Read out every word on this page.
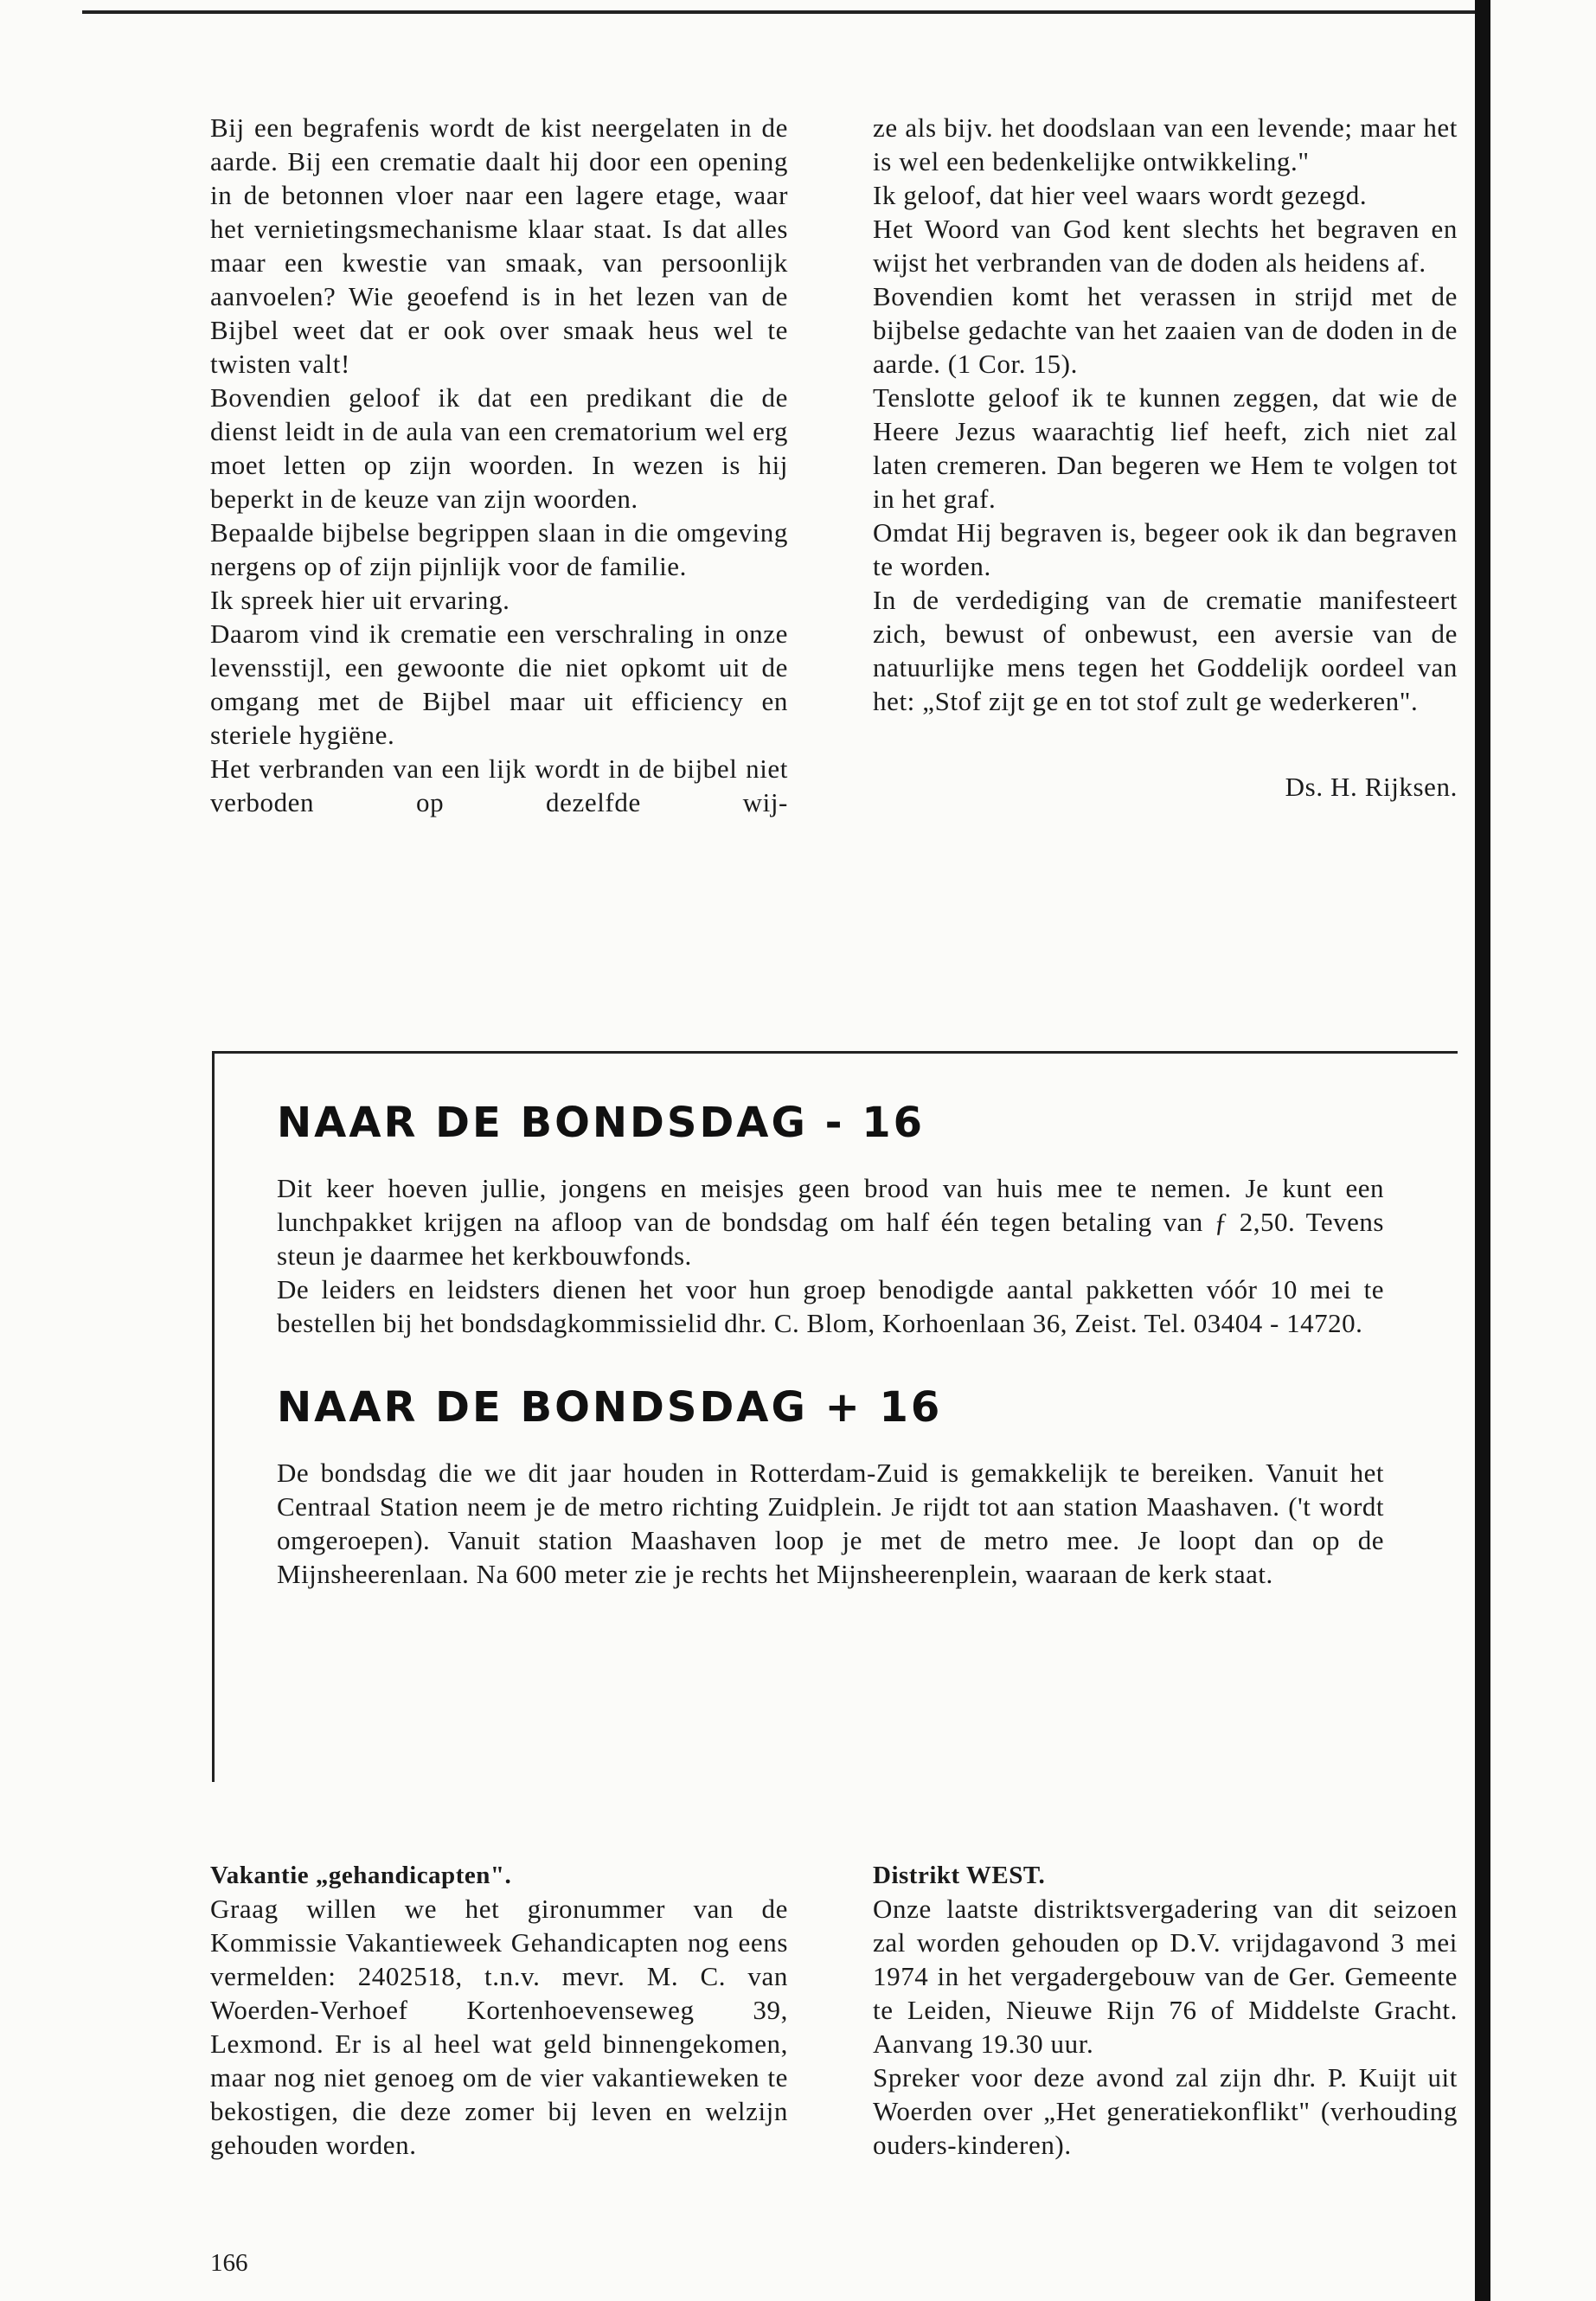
Bij een begrafenis wordt de kist neergelaten in de aarde. Bij een crematie daalt hij door een opening in de betonnen vloer naar een lagere etage, waar het vernietingsmechanisme klaar staat. Is dat alles maar een kwestie van smaak, van persoonlijk aanvoelen? Wie geoefend is in het lezen van de Bijbel weet dat er ook over smaak heus wel te twisten valt!

Bovendien geloof ik dat een predikant die de dienst leidt in de aula van een crematorium wel erg moet letten op zijn woorden. In wezen is hij beperkt in de keuze van zijn woorden.

Bepaalde bijbelse begrippen slaan in die omgeving nergens op of zijn pijnlijk voor de familie.

Ik spreek hier uit ervaring.

Daarom vind ik crematie een verschraling in onze levensstijl, een gewoonte die niet opkomt uit de omgang met de Bijbel maar uit efficiency en steriele hygiëne.

Het verbranden van een lijk wordt in de bijbel niet verboden op dezelfde wij-

ze als bijv. het doodslaan van een levende; maar het is wel een bedenkelijke ontwikkeling."

Ik geloof, dat hier veel waars wordt gezegd.

Het Woord van God kent slechts het begraven en wijst het verbranden van de doden als heidens af.

Bovendien komt het verassen in strijd met de bijbelse gedachte van het zaaien van de doden in de aarde. (1 Cor. 15).

Tenslotte geloof ik te kunnen zeggen, dat wie de Heere Jezus waarachtig lief heeft, zich niet zal laten cremeren. Dan begeren we Hem te volgen tot in het graf.

Omdat Hij begraven is, begeer ook ik dan begraven te worden.

In de verdediging van de crematie manifesteert zich, bewust of onbewust, een aversie van de natuurlijke mens tegen het Goddelijk oordeel van het: „Stof zijt ge en tot stof zult ge wederkeren".

Ds. H. Rijksen.
NAAR DE BONDSDAG - 16

Dit keer hoeven jullie, jongens en meisjes geen brood van huis mee te nemen. Je kunt een lunchpakket krijgen na afloop van de bondsdag om half één tegen betaling van ƒ 2,50. Tevens steun je daarmee het kerkbouwfonds.

De leiders en leidsters dienen het voor hun groep benodigde aantal pakketten vóór 10 mei te bestellen bij het bondsdagkommissielid dhr. C. Blom, Korhoenlaan 36, Zeist. Tel. 03404 - 14720.

NAAR DE BONDSDAG + 16

De bondsdag die we dit jaar houden in Rotterdam-Zuid is gemakkelijk te bereiken. Vanuit het Centraal Station neem je de metro richting Zuidplein. Je rijdt tot aan station Maashaven. ('t wordt omgeroepen). Vanuit station Maashaven loop je met de metro mee. Je loopt dan op de Mijnsheerenlaan. Na 600 meter zie je rechts het Mijnsheerenplein, waaraan de kerk staat.

Vakantie „gehandicapten".

Graag willen we het gironummer van de Kommissie Vakantieweek Gehandicapten nog eens vermelden: 2402518, t.n.v. mevr. M. C. van Woerden-Verhoef Kortenhoevenseweg 39, Lexmond. Er is al heel wat geld binnengekomen, maar nog niet genoeg om de vier vakantieweken te bekostigen, die deze zomer bij leven en welzijn gehouden worden.

Distrikt WEST.

Onze laatste distriktsvergadering van dit seizoen zal worden gehouden op D.V. vrijdagavond 3 mei 1974 in het vergadergebouw van de Ger. Gemeente te Leiden, Nieuwe Rijn 76 of Middelste Gracht. Aanvang 19.30 uur.

Spreker voor deze avond zal zijn dhr. P. Kuijt uit Woerden over „Het generatiekonflikt" (verhouding ouders-kinderen).

166
